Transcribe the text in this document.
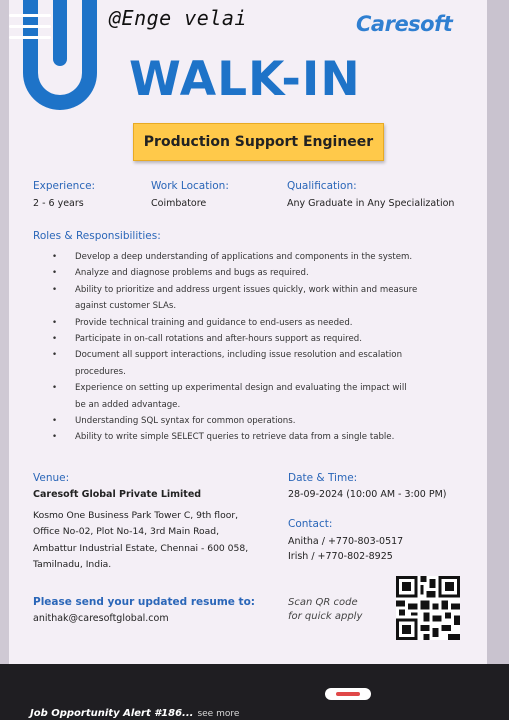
@Enge velai	Caresoft
WALK-IN
Production Support Engineer
Experience:
2 - 6 years
Work Location:
Coimbatore
Qualification:
Any Graduate in Any Specialization
Roles & Responsibilities:
• Develop a deep understanding of applications and components in the system.
• Analyze and diagnose problems and bugs as required.
• Ability to prioritize and address urgent issues quickly, work within and measure
against customer SLAs.
• Provide technical training and guidance to end-users as needed.
• Participate in on-call rotations and after-hours support as required.
• Document all support interactions, including issue resolution and escalation
procedures.
• Experience on setting up experimental design and evaluating the impact will
be an added advantage.
• Understanding SQL syntax for common operations.
• Ability to write simple SELECT queries to retrieve data from a single table.
Venue:
Caresoft Global Private Limited
Kosmo One Business Park Tower C, 9th floor,
Office No-02, Plot No-14, 3rd Main Road,
Ambattur Industrial Estate, Chennai - 600 058,
Tamilnadu, India.
Date & Time:
28-09-2024 (10:00 AM - 3:00 PM)
Contact:
Anitha / +770-803-0517
Irish / +770-802-8925
Please send your updated resume to:
anithak@caresoftglobal.com
Scan QR code
for quick apply
Job Opportunity Alert #186... see more
